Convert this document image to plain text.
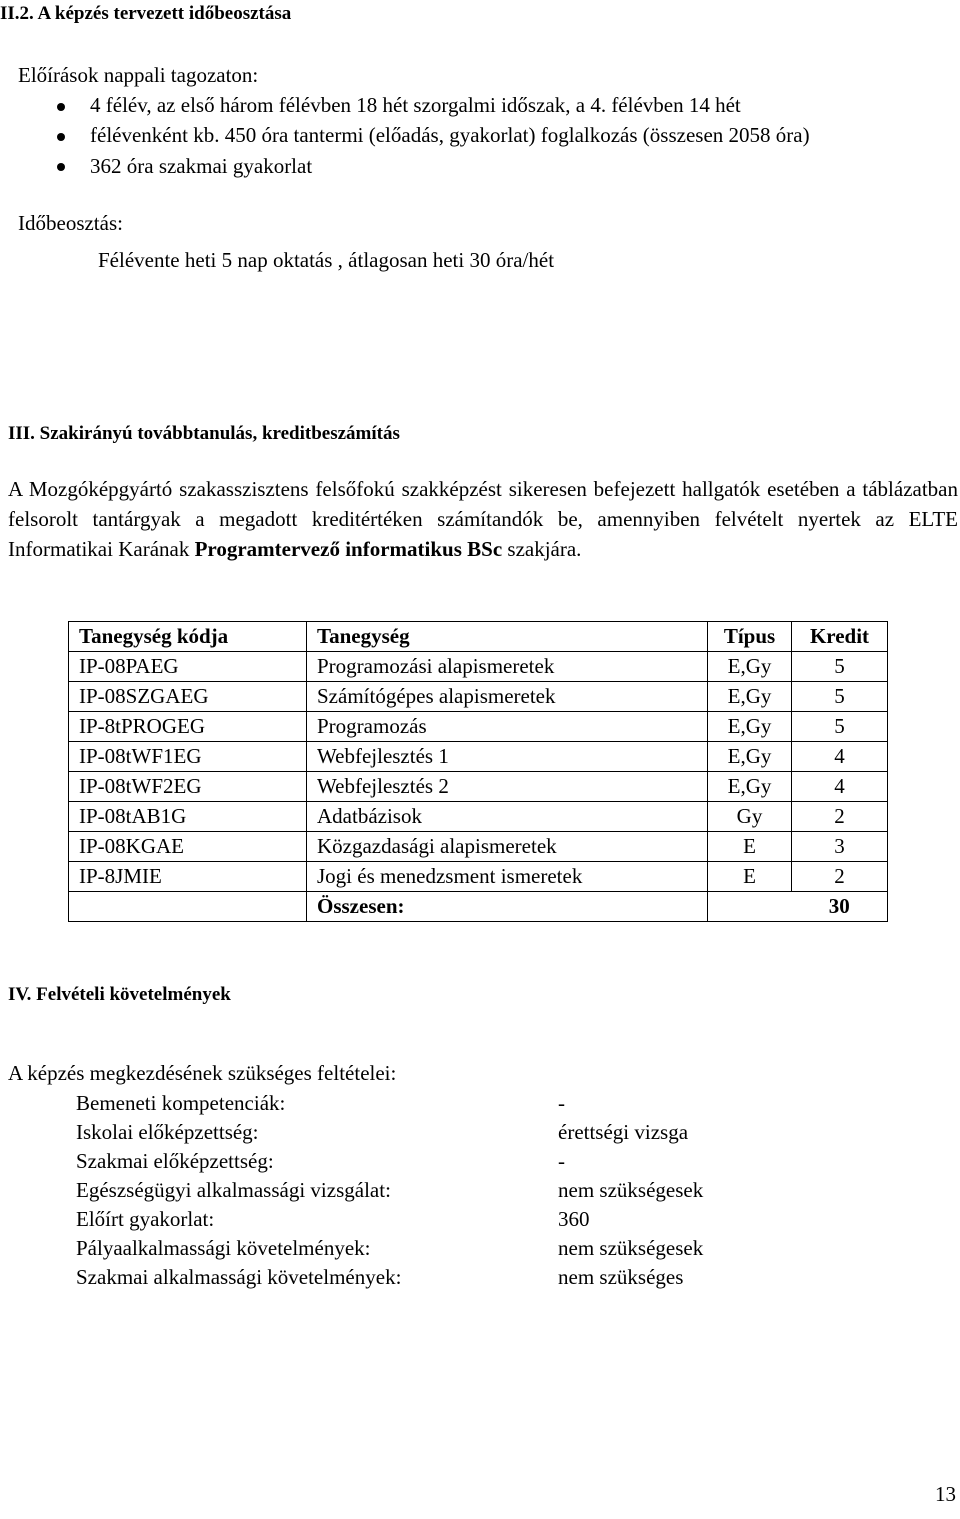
II.2. A képzés tervezett időbeosztása
Előírások nappali tagozaton:
4 félév, az első három félévben 18 hét szorgalmi időszak, a 4. félévben 14 hét
félévenként kb. 450 óra tantermi (előadás, gyakorlat) foglalkozás (összesen 2058 óra)
362 óra szakmai gyakorlat
Időbeosztás:
Félévente heti 5 nap oktatás , átlagosan heti 30 óra/hét
III. Szakirányú továbbtanulás, kreditbeszámítás

A Mozgóképgyártó szakasszisztens felsőfokú szakképzést sikeresen befejezett hallgatók esetében a táblázatban felsorolt tantárgyak a megadott kreditértéken számítandók be, amennyiben felvételt nyertek az ELTE Informatikai Karának Programtervező informatikus BSc szakjára.

Tanegység kódja	Tanegység	Típus	Kredit
IP-08PAEG	Programozási alapismeretek	E,Gy	5
IP-08SZGAEG	Számítógépes alapismeretek	E,Gy	5
IP-8tPROGEG	Programozás	E,Gy	5
IP-08tWF1EG	Webfejlesztés 1	E,Gy	4
IP-08tWF2EG	Webfejlesztés 2	E,Gy	4
IP-08tAB1G	Adatbázisok	Gy	2
IP-08KGAE	Közgazdasági alapismeretek	E	3
IP-8JMIE	Jogi és menedzsment ismeretek	E	2
	Összesen:		30
IV. Felvételi követelmények
A képzés megkezdésének szükséges feltételei:
Bemeneti kompetenciák:	-
Iskolai előképzettség:	érettségi vizsga
Szakmai előképzettség:	-
Egészségügyi alkalmassági vizsgálat:	nem szükségesek
Előírt gyakorlat:	360
Pályaalkalmassági követelmények:	nem szükségesek
Szakmai alkalmassági követelmények:	nem szükséges
13
